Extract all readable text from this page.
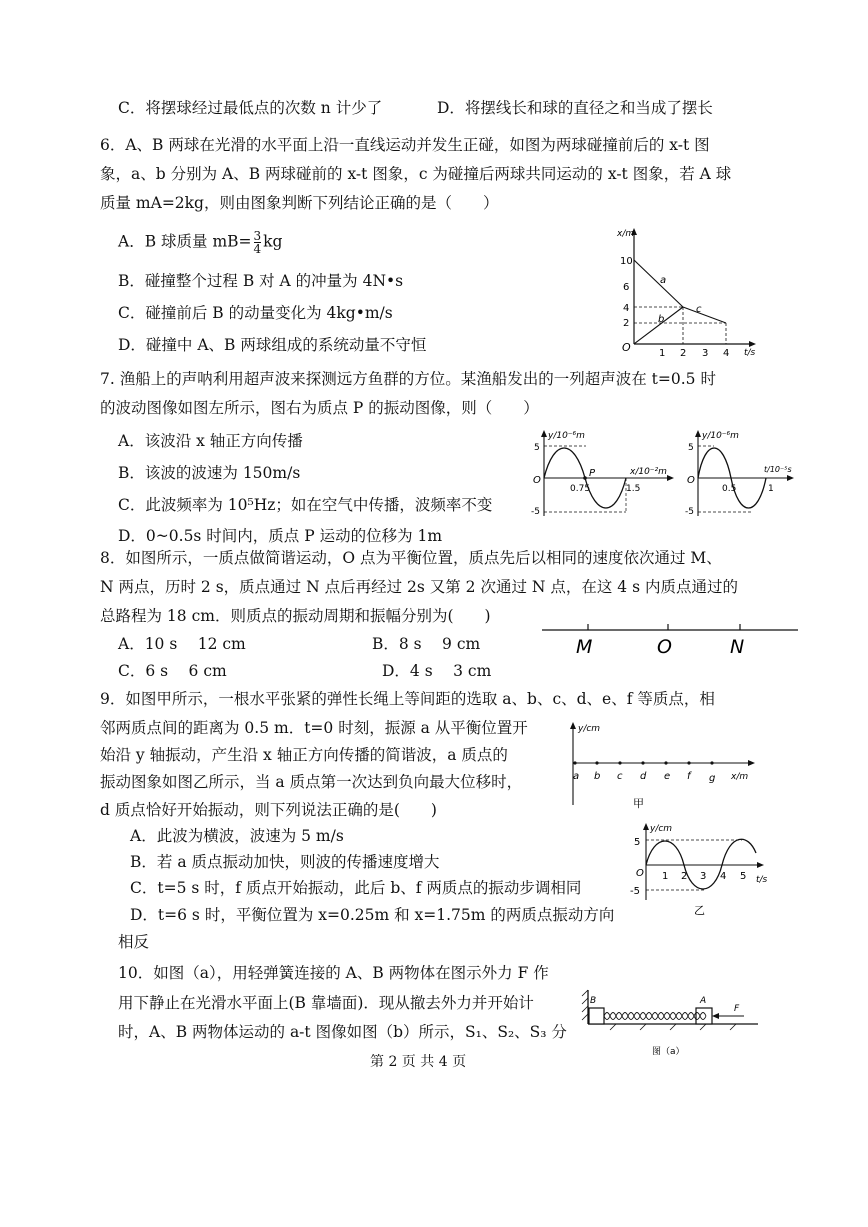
C．将摆球经过最低点的次数 n 计少了	D．将摆线长和球的直径之和当成了摆长
6．A、B 两球在光滑的水平面上沿一直线运动并发生正碰，如图为两球碰撞前后的 x-t 图
象，a、b 分别为 A、B 两球碰前的 x-t 图象，c 为碰撞后两球共同运动的 x-t 图象，若 A 球
质量 mA=2kg，则由图象判断下列结论正确的是（　　）
A．B 球质量 $mB= \frac{3}{4}$ kg
B．碰撞整个过程 B 对 A 的冲量为 4N•s
C．碰撞前后 B 的动量变化为 4kg•m/s
D．碰撞中 A、B 两球组成的系统动量不守恒
x/m
t/s
O
10
6
4
2
1 2 3 4
a
b
c
7. 渔船上的声呐利用超声波来探测远方鱼群的方位。某渔船发出的一列超声波在 t=0.5 时
的波动图像如图左所示，图右为质点 P 的振动图像，则（　　）
A．该波沿 x 轴正方向传播
B．该波的波速为 150m/s
C．此波频率为 10⁵Hz；如在空气中传播，波频率不变
D．0~0.5s 时间内，质点 P 运动的位移为 1m
y/10⁻⁶m
x/10⁻²m
O
5
-5
0.75	1.5
P
y/10⁻⁶m
t/10⁻⁵s
O
5
-5
0.5	1
8．如图所示，一质点做简谐运动，O 点为平衡位置，质点先后以相同的速度依次通过 M、
N 两点，历时 2 s，质点通过 N 点后再经过 2s 又第 2 次通过 N 点，在这 4 s 内质点通过的
总路程为 18 cm．则质点的振动周期和振幅分别为(　　)
A．10 s　 12 cm	B．8 s　 9 cm
C．6 s　 6 cm	D．4 s　 3 cm
M	O	N
9．如图甲所示，一根水平张紧的弹性长绳上等间距的选取 a、b、c、d、e、f 等质点，相
邻两质点间的距离为 0.5 m．t=0 时刻，振源 a 从平衡位置开
始沿 y 轴振动，产生沿 x 轴正方向传播的简谐波，a 质点的
振动图象如图乙所示，当 a 质点第一次达到负向最大位移时，
d 质点恰好开始振动，则下列说法正确的是(　　)
A．此波为横波，波速为 5 m/s
B．若 a 质点振动加快，则波的传播速度增大
C．t=5 s 时，f 质点开始振动，此后 b、f 两质点的振动步调相同
D．t=6 s 时，平衡位置为 x=0.25m 和 x=1.75m 的两质点振动方向
相反
y/cm
x/m
a b c d e f g
甲
y/cm
t/s
O
5
-5
1 2 3 4 5
乙
10．如图（a），用轻弹簧连接的 A、B 两物体在图示外力 F 作
用下静止在光滑水平面上(B 靠墙面)．现从撤去外力并开始计
时，A、B 两物体运动的 a-t 图像如图（b）所示，S₁、S₂、S₃ 分
B	A
F
图（a）
第 2 页 共 4 页
